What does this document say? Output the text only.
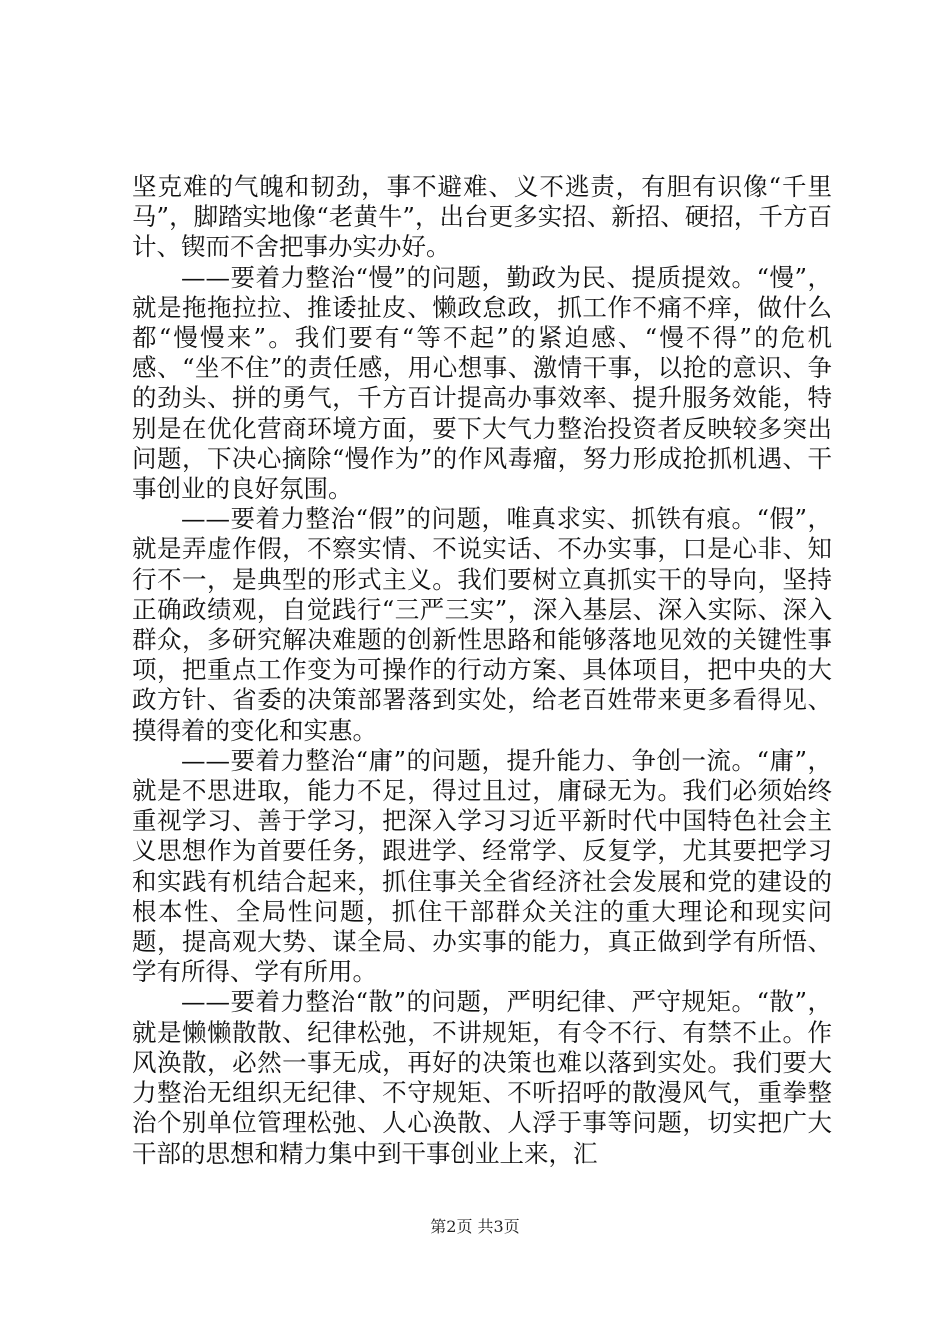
坚克难的气魄和韧劲，事不避难、义不逃责，有胆有识像“千里马”，脚踏实地像“老黄牛”，出台更多实招、新招、硬招，千方百计、锲而不舍把事办实办好。

——要着力整治“慢”的问题，勤政为民、提质提效。“慢”，就是拖拖拉拉、推诿扯皮、懒政怠政，抓工作不痛不痒，做什么都“慢慢来”。我们要有“等不起”的紧迫感、“慢不得”的危机感、“坐不住”的责任感，用心想事、激情干事，以抢的意识、争的劲头、拼的勇气，千方百计提高办事效率、提升服务效能，特别是在优化营商环境方面，要下大气力整治投资者反映较多突出问题，下决心摘除“慢作为”的作风毒瘤，努力形成抢抓机遇、干事创业的良好氛围。

——要着力整治“假”的问题，唯真求实、抓铁有痕。“假”，就是弄虚作假，不察实情、不说实话、不办实事，口是心非、知行不一，是典型的形式主义。我们要树立真抓实干的导向，坚持正确政绩观，自觉践行“三严三实”，深入基层、深入实际、深入群众，多研究解决难题的创新性思路和能够落地见效的关键性事项，把重点工作变为可操作的行动方案、具体项目，把中央的大政方针、省委的决策部署落到实处，给老百姓带来更多看得见、摸得着的变化和实惠。

——要着力整治“庸”的问题，提升能力、争创一流。“庸”，就是不思进取，能力不足，得过且过，庸碌无为。我们必须始终重视学习、善于学习，把深入学习习近平新时代中国特色社会主义思想作为首要任务，跟进学、经常学、反复学，尤其要把学习和实践有机结合起来，抓住事关全省经济社会发展和党的建设的根本性、全局性问题，抓住干部群众关注的重大理论和现实问题，提高观大势、谋全局、办实事的能力，真正做到学有所悟、学有所得、学有所用。

——要着力整治“散”的问题，严明纪律、严守规矩。“散”，就是懒懒散散、纪律松弛，不讲规矩，有令不行、有禁不止。作风涣散，必然一事无成，再好的决策也难以落到实处。我们要大力整治无组织无纪律、不守规矩、不听招呼的散漫风气，重拳整治个别单位管理松弛、人心涣散、人浮于事等问题，切实把广大干部的思想和精力集中到干事创业上来，汇

第2页 共3页
